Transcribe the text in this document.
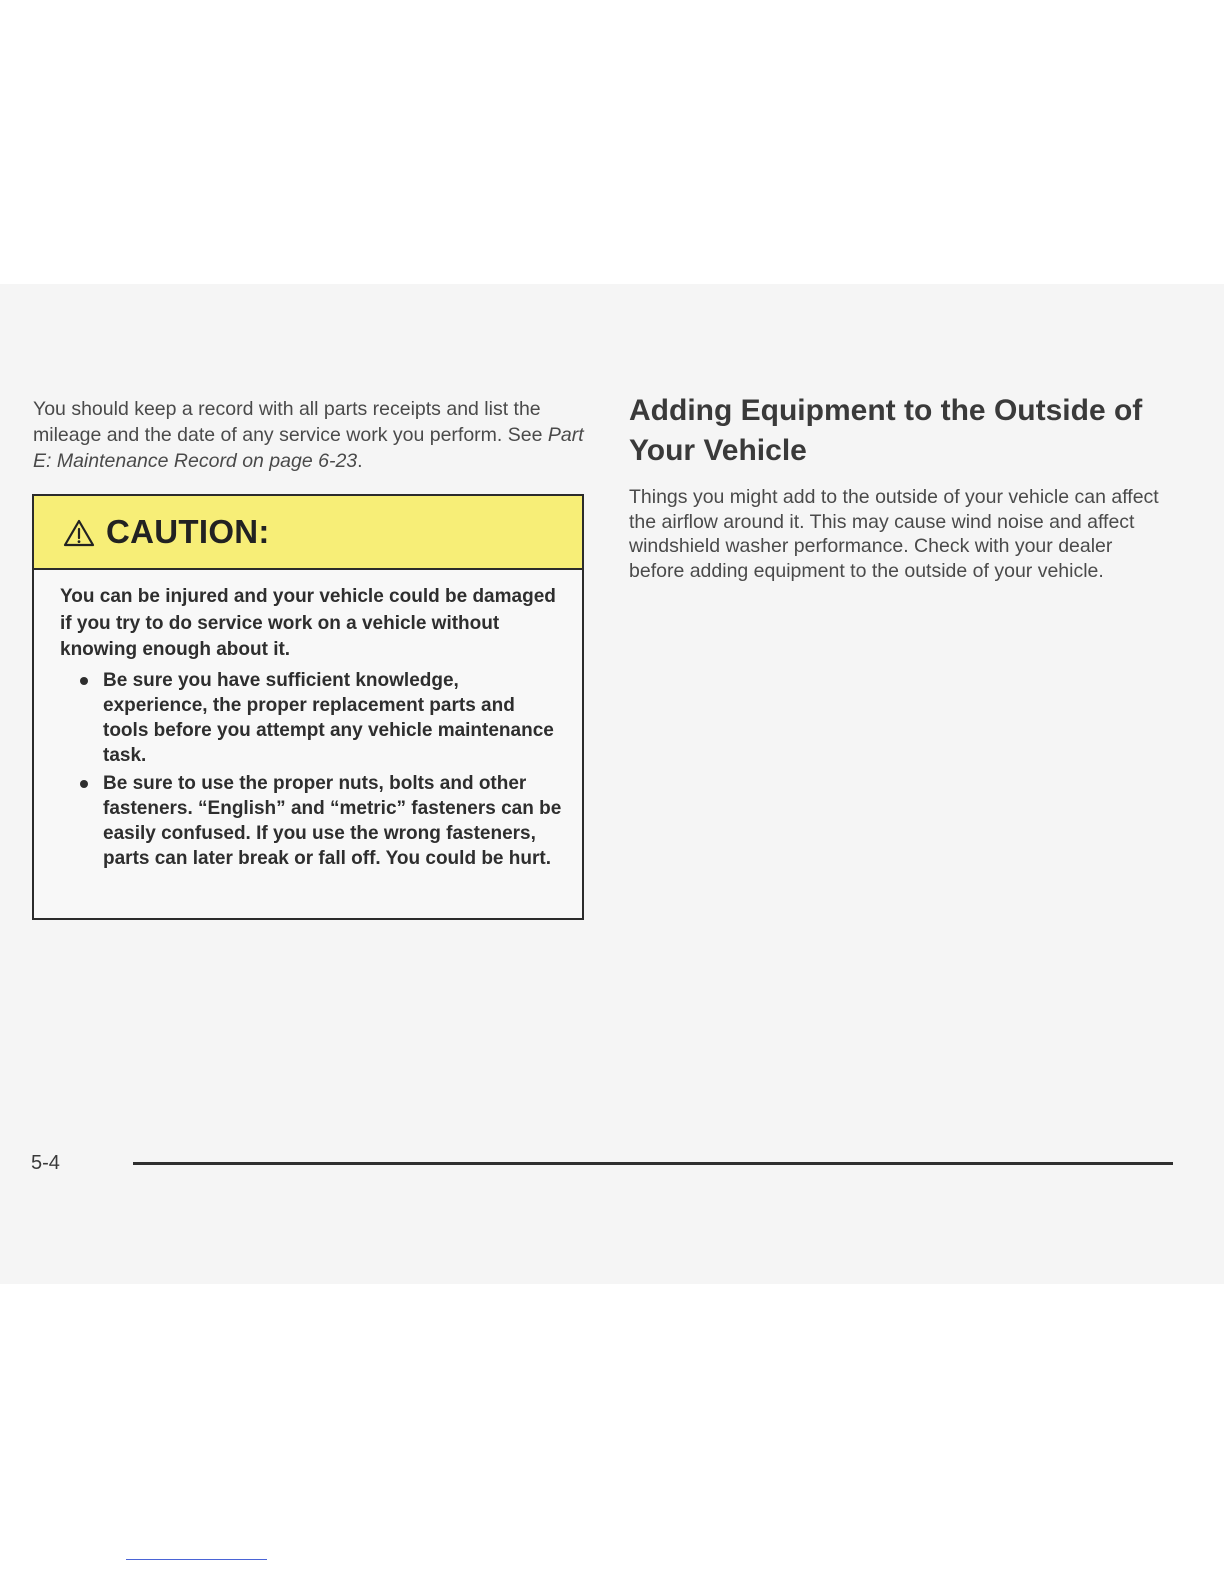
You should keep a record with all parts receipts and list the mileage and the date of any service work you perform. See Part E: Maintenance Record on page 6-23.

CAUTION:

You can be injured and your vehicle could be damaged if you try to do service work on a vehicle without knowing enough about it.

Be sure you have sufficient knowledge, experience, the proper replacement parts and tools before you attempt any vehicle maintenance task.
Be sure to use the proper nuts, bolts and other fasteners. “English” and “metric” fasteners can be easily confused. If you use the wrong fasteners, parts can later break or fall off. You could be hurt.
Adding Equipment to the Outside of Your Vehicle

Things you might add to the outside of your vehicle can affect the airflow around it. This may cause wind noise and affect windshield washer performance. Check with your dealer before adding equipment to the outside of your vehicle.

5-4
